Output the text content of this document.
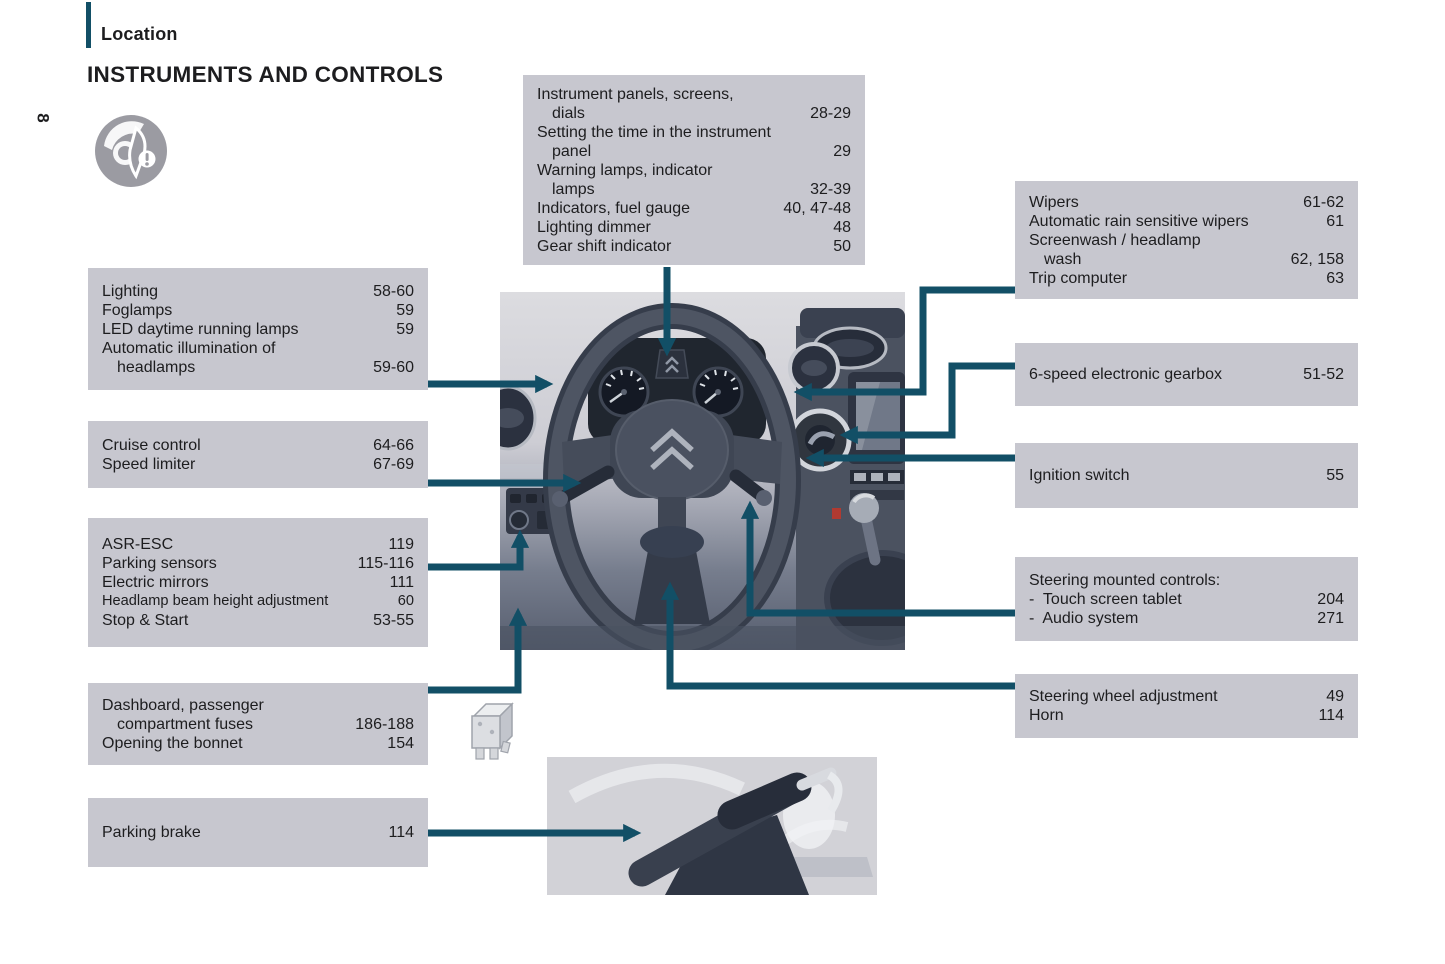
Location
INSTRUMENTS AND CONTROLS
8
Instrument panels, screens,
dials	28-29
Setting the time in the instrument
panel	29
Warning lamps, indicator
lamps	32-39
Indicators, fuel gauge	40, 47-48
Lighting dimmer	48
Gear shift indicator	50
Lighting	58-60
Foglamps	59
LED daytime running lamps	59
Automatic illumination of
headlamps	59-60
Cruise control	64-66
Speed limiter	67-69
ASR-ESC	119
Parking sensors	115-116
Electric mirrors	111
Headlamp beam height adjustment	60
Stop & Start	53-55
Dashboard, passenger
compartment fuses	186-188
Opening the bonnet	154
Parking brake	114
Wipers	61-62
Automatic rain sensitive wipers	61
Screenwash / headlamp
wash	62, 158
Trip computer	63
6-speed electronic gearbox	51-52
Ignition switch	55
Steering mounted controls:
-  Touch screen tablet	204
-  Audio system	271
Steering wheel adjustment	49
Horn	114
